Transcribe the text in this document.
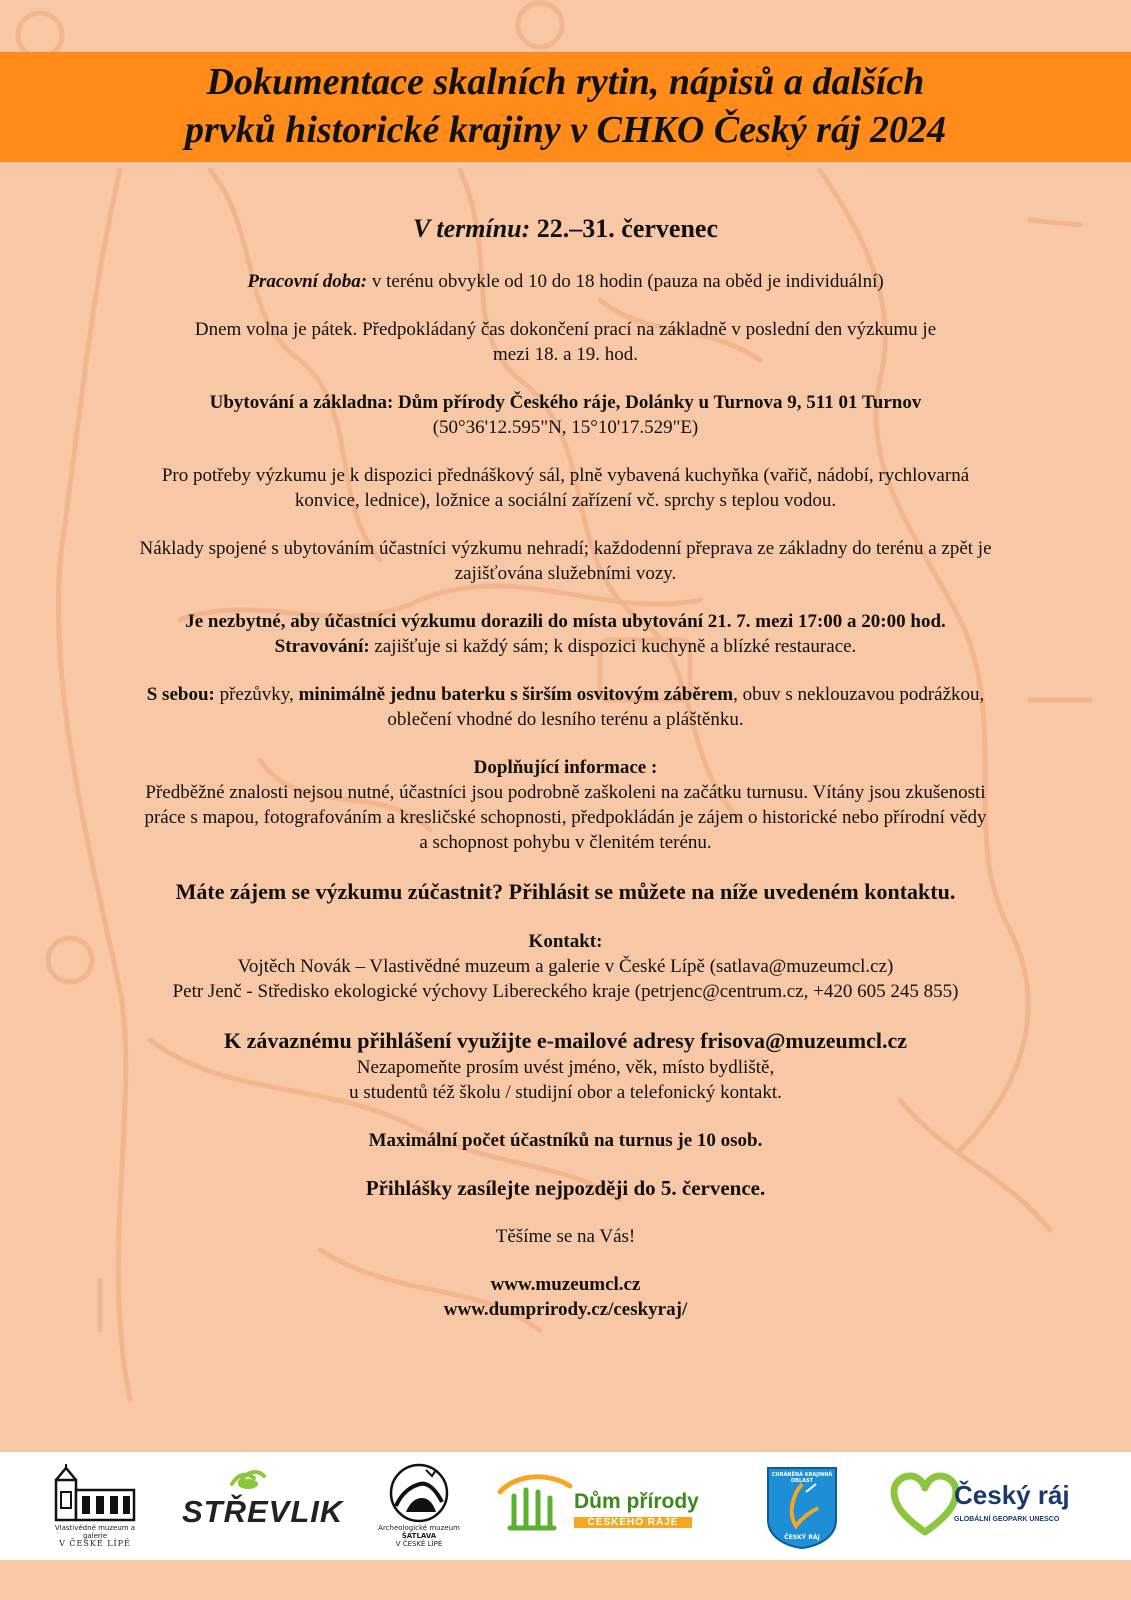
Dokumentace skalních rytin, nápisů a dalších
prvků historické krajiny v CHKO Český ráj 2024

V termínu: 22.–31. červenec

Pracovní doba: v terénu obvykle od 10 do 18 hodin (pauza na oběd je individuální)

Dnem volna je pátek. Předpokládaný čas dokončení prací na základně v poslední den výzkumu je
mezi 18. a 19. hod.

Ubytování a základna: Dům přírody Českého ráje, Dolánky u Turnova 9, 511 01 Turnov
(50°36'12.595"N, 15°10'17.529"E)

Pro potřeby výzkumu je k dispozici přednáškový sál, plně vybavená kuchyňka (vařič, nádobí, rychlovarná
konvice, lednice), ložnice a sociální zařízení vč. sprchy s teplou vodou.

Náklady spojené s ubytováním účastníci výzkumu nehradí; každodenní přeprava ze základny do terénu a zpět je
zajišťována služebními vozy.

Je nezbytné, aby účastníci výzkumu dorazili do místa ubytování 21. 7. mezi 17:00 a 20:00 hod.
Stravování: zajišťuje si každý sám; k dispozici kuchyně a blízké restaurace.

S sebou: přezůvky, minimálně jednu baterku s širším osvitovým záběrem, obuv s neklouzavou podrážkou,
oblečení vhodné do lesního terénu a pláštěnku.

Doplňující informace :
Předběžné znalosti nejsou nutné, účastníci jsou podrobně zaškoleni na začátku turnusu. Vítány jsou zkušenosti
práce s mapou, fotografováním a kresličské schopnosti, předpokládán je zájem o historické nebo přírodní vědy
a schopnost pohybu v členitém terénu.

Máte zájem se výzkumu zúčastnit? Přihlásit se můžete na níže uvedeném kontaktu.

Kontakt:
Vojtěch Novák – Vlastivědné muzeum a galerie v České Lípě (satlava@muzeumcl.cz)
Petr Jenč - Středisko ekologické výchovy Libereckého kraje (petrjenc@centrum.cz, +420 605 245 855)

K závaznému přihlášení využijte e-mailové adresy frisova@muzeumcl.cz
Nezapomeňte prosím uvést jméno, věk, místo bydliště,
u studentů též školu / studijní obor a telefonický kontakt.

Maximální počet účastníků na turnus je 10 osob.

Přihlášky zasílejte nejpozději do 5. července.

Těšíme se na Vás!

www.muzeumcl.cz

www.dumprirody.cz/ceskyraj/

Vlastivědné muzeum a galerie
V ČESKÉ LÍPĚ
STŘEVLIK	Archeologické muzeum
ŠATLAVA
V ČESKÉ LÍPĚ
Dům přírody
ČESKÉHO RÁJE
CHRÁNĚNÁ KRAJINNÁ OBLAST
ČESKÝ RÁJ
Český ráj
GLOBÁLNÍ GEOPARK UNESCO
